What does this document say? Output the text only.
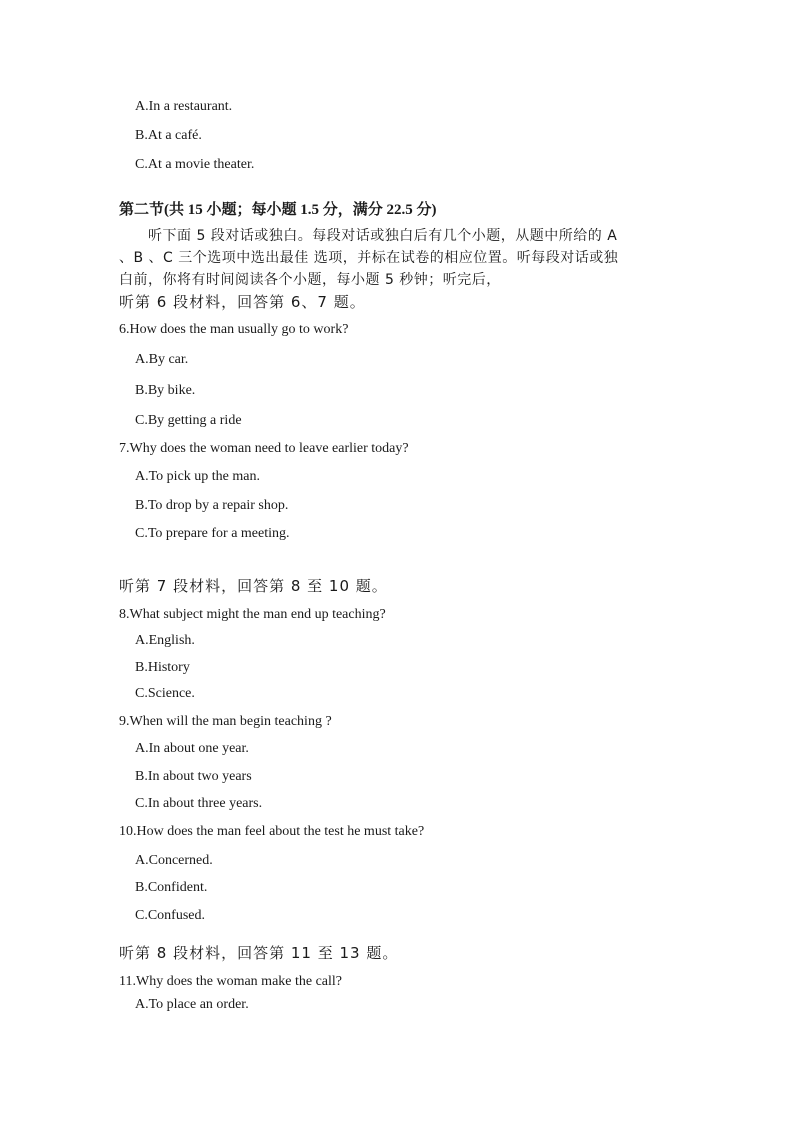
A.In a restaurant.
B.At a café.
C.At a movie theater.
第二节(共 15 小题；每小题 1.5 分，满分 22.5 分)
听下面 5 段对话或独白。每段对话或独白后有几个小题，从题中所给的 A
、B 、C 三个选项中选出最佳 选项，并标在试卷的相应位置。听每段对话或独
白前，你将有时间阅读各个小题，每小题 5 秒钟；听完后，
听第 6 段材料，回答第 6、7 题。
6.How does the man usually go to work?
A.By car.
B.By bike.
C.By getting a ride
7.Why does the woman need to leave earlier today?
A.To pick up the man.
B.To drop by a repair shop.
C.To prepare for a meeting.
听第 7 段材料，回答第 8 至 10 题。
8.What subject might the man end up teaching?
A.English.
B.History
C.Science.
9.When will the man begin teaching ?
A.In about one year.
B.In about two years
C.In about three years.
10.How does the man feel about the test he must take?
A.Concerned.
B.Confident.
C.Confused.
听第 8 段材料，回答第 11 至 13 题。
11.Why does the woman make the call?
A.To place an order.
